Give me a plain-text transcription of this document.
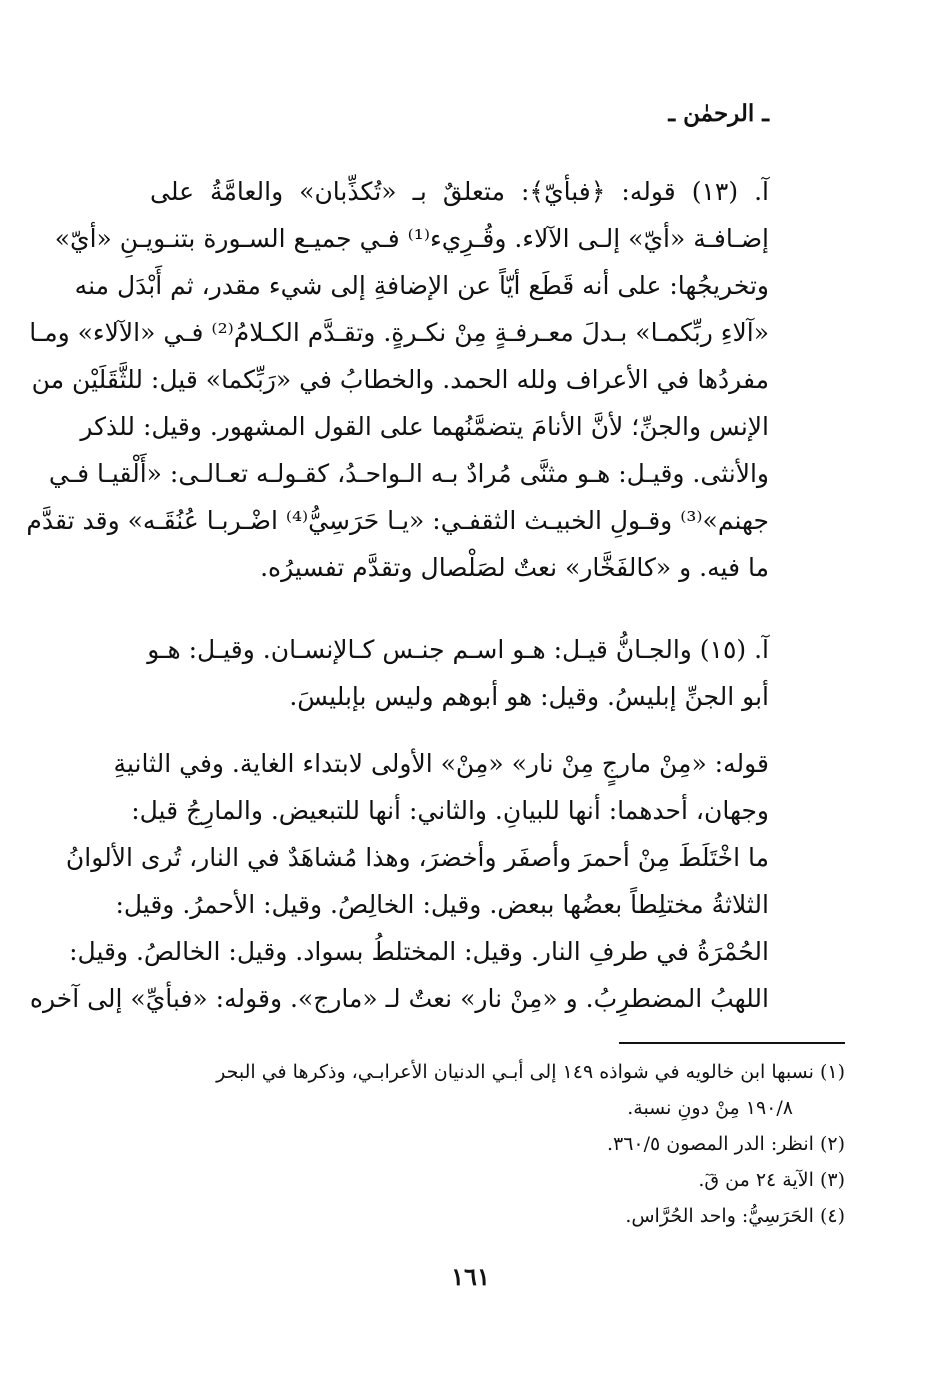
ـ الرحمٰن ـ
آ. (١٣) قوله: ﴿فبأيّ﴾: متعلقٌ بـ «تُكذِّبان» والعامَّةُ على
إضـافـة «أيّ» إلـى الآلاء. وقُـرِيء⁽¹⁾ فـي جميـع السـورة بتنـويـنِ «أيّ»
وتخريجُها: على أنه قَطَع أيّاً عن الإضافةِ إلى شيء مقدر، ثم أَبْدَل منه
«آلاءِ ربِّكمـا» بـدلَ معـرفـةٍ مِنْ نكـرةٍ. وتقـدَّم الكـلامُ⁽²⁾ فـي «الآلاء» ومـا
مفردُها في الأعراف ولله الحمد. والخطابُ في «رَبِّكما» قيل: للثَّقَلَيْن من
الإنس والجنِّ؛ لأنَّ الأنامَ يتضمَّنُهما على القول المشهور. وقيل: للذكر
والأنثى. وقيـل: هـو مثنَّى مُرادٌ بـه الـواحـدُ، كقـولـه تعـالـى: «أَلْقيـا فـي
جهنم»⁽³⁾ وقـولِ الخبيـث الثقفـي: «يـا حَرَسِيُّ⁽⁴⁾ اضْـربـا عُنُقَـه» وقد تقدَّم
ما فيه. و «كالفَخَّار» نعتٌ لصَلْصال وتقدَّم تفسيرُه.
آ. (١٥) والجـانُّ قيـل: هـو اسـم جنـس كـالإنسـان. وقيـل: هـو
أبو الجنِّ إبليسُ. وقيل: هو أبوهم وليس بإبليسَ.
قوله: «مِنْ مارجٍ مِنْ نار» «مِنْ» الأولى لابتداء الغاية. وفي الثانيةِ
وجهان، أحدهما: أنها للبيانِ. والثاني: أنها للتبعيض. والمارِجُ قيل:
ما اخْتَلَطَ مِنْ أحمرَ وأصفَر وأخضرَ، وهذا مُشاهَدٌ في النار، تُرى الألوانُ
الثلاثةُ مختلِطاً بعضُها ببعض. وقيل: الخالِصُ. وقيل: الأحمرُ. وقيل:
الحُمْرَةُ في طرفِ النار. وقيل: المختلطُ بسواد. وقيل: الخالصُ. وقيل:
اللهبُ المضطرِبُ. و «مِنْ نار» نعتٌ لـ «مارج». وقوله: «فبأيِّ» إلى آخره
(١) نسبها ابن خالويه في شواذه ١٤٩ إلى أبـي الدنيان الأعرابـي، وذكرها في البحر
١٩٠/٨ مِنْ دونِ نسبة.
(٢) انظر: الدر المصون ٣٦٠/٥.
(٣) الآية ٢٤ من قٓ.
(٤) الحَرَسِيُّ: واحد الحُرَّاس.
١٦١
